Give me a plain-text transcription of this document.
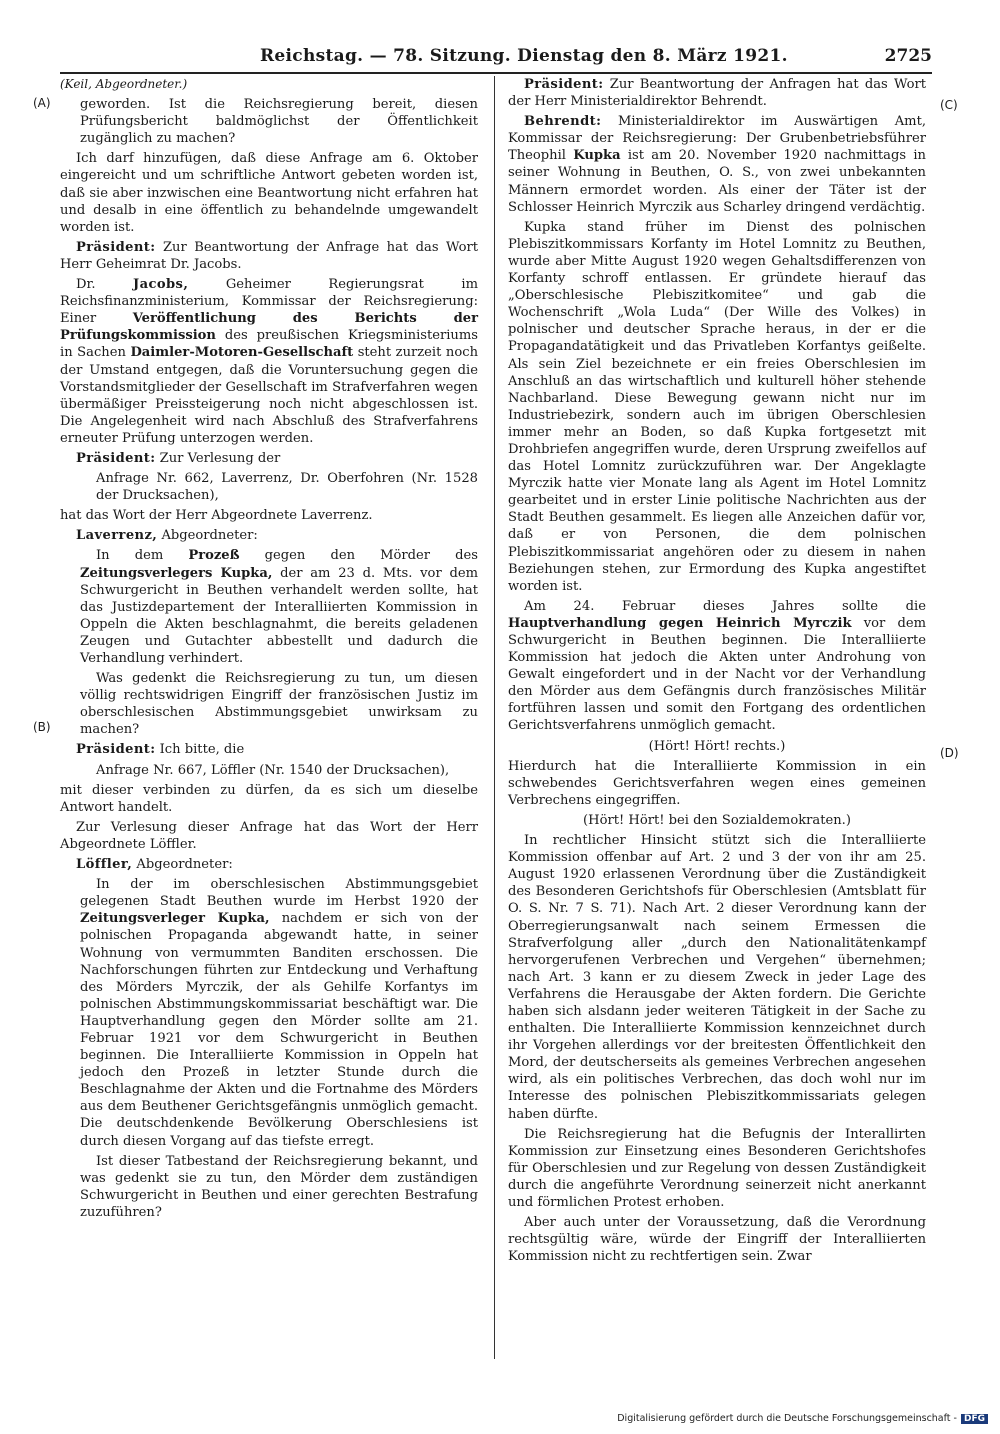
Reichstag. — 78. Sitzung. Dienstag den 8. März 1921.	2725
(A)
(B)
(C)
(D)

(Keil, Abgeordneter.)

geworden. Ist die Reichsregierung bereit, diesen Prüfungsbericht baldmöglichst der Öffentlichkeit zugänglich zu machen?

Ich darf hinzufügen, daß diese Anfrage am 6. Oktober eingereicht und um schriftliche Antwort gebeten worden ist, daß sie aber inzwischen eine Beantwortung nicht erfahren hat und desalb in eine öffentlich zu behandelnde umgewandelt worden ist.

Präsident: Zur Beantwortung der Anfrage hat das Wort Herr Geheimrat Dr. Jacobs.

Dr. Jacobs, Geheimer Regierungsrat im Reichsfinanzministerium, Kommissar der Reichsregierung: Einer Veröffentlichung des Berichts der Prüfungskommission des preußischen Kriegsministeriums in Sachen Daimler-Motoren-Gesellschaft steht zurzeit noch der Umstand entgegen, daß die Voruntersuchung gegen die Vorstandsmitglieder der Gesellschaft im Strafverfahren wegen übermäßiger Preissteigerung noch nicht abgeschlossen ist. Die Angelegenheit wird nach Abschluß des Strafverfahrens erneuter Prüfung unterzogen werden.

Präsident: Zur Verlesung der

Anfrage Nr. 662, Laverrenz, Dr. Oberfohren (Nr. 1528 der Drucksachen),

hat das Wort der Herr Abgeordnete Laverrenz.

Laverrenz, Abgeordneter:

In dem Prozeß gegen den Mörder des Zeitungsverlegers Kupka, der am 23 d. Mts. vor dem Schwurgericht in Beuthen verhandelt werden sollte, hat das Justizdepartement der Interalliierten Kommission in Oppeln die Akten beschlagnahmt, die bereits geladenen Zeugen und Gutachter abbestellt und dadurch die Verhandlung verhindert.

Was gedenkt die Reichsregierung zu tun, um diesen völlig rechtswidrigen Eingriff der französischen Justiz im oberschlesischen Abstimmungsgebiet unwirksam zu machen?

Präsident: Ich bitte, die

Anfrage Nr. 667, Löffler (Nr. 1540 der Drucksachen),

mit dieser verbinden zu dürfen, da es sich um dieselbe Antwort handelt.

Zur Verlesung dieser Anfrage hat das Wort der Herr Abgeordnete Löffler.

Löffler, Abgeordneter:

In der im oberschlesischen Abstimmungsgebiet gelegenen Stadt Beuthen wurde im Herbst 1920 der Zeitungsverleger Kupka, nachdem er sich von der polnischen Propaganda abgewandt hatte, in seiner Wohnung von vermummten Banditen erschossen. Die Nachforschungen führten zur Entdeckung und Verhaftung des Mörders Myrczik, der als Gehilfe Korfantys im polnischen Abstimmungskommissariat beschäftigt war. Die Hauptverhandlung gegen den Mörder sollte am 21. Februar 1921 vor dem Schwurgericht in Beuthen beginnen. Die Interalliierte Kommission in Oppeln hat jedoch den Prozeß in letzter Stunde durch die Beschlagnahme der Akten und die Fortnahme des Mörders aus dem Beuthener Gerichtsgefängnis unmöglich gemacht. Die deutschdenkende Bevölkerung Oberschlesiens ist durch diesen Vorgang auf das tiefste erregt.

Ist dieser Tatbestand der Reichsregierung bekannt, und was gedenkt sie zu tun, den Mörder dem zuständigen Schwurgericht in Beuthen und einer gerechten Bestrafung zuzuführen?

Präsident: Zur Beantwortung der Anfragen hat das Wort der Herr Ministerialdirektor Behrendt.

Behrendt: Ministerialdirektor im Auswärtigen Amt, Kommissar der Reichsregierung: Der Grubenbetriebsführer Theophil Kupka ist am 20. November 1920 nachmittags in seiner Wohnung in Beuthen, O. S., von zwei unbekannten Männern ermordet worden. Als einer der Täter ist der Schlosser Heinrich Myrczik aus Scharley dringend verdächtig.

Kupka stand früher im Dienst des polnischen Plebiszitkommissars Korfanty im Hotel Lomnitz zu Beuthen, wurde aber Mitte August 1920 wegen Gehaltsdifferenzen von Korfanty schroff entlassen. Er gründete hierauf das „Oberschlesische Plebiszitkomitee“ und gab die Wochenschrift „Wola Luda“ (Der Wille des Volkes) in polnischer und deutscher Sprache heraus, in der er die Propagandatätigkeit und das Privatleben Korfantys geißelte. Als sein Ziel bezeichnete er ein freies Oberschlesien im Anschluß an das wirtschaftlich und kulturell höher stehende Nachbarland. Diese Bewegung gewann nicht nur im Industriebezirk, sondern auch im übrigen Oberschlesien immer mehr an Boden, so daß Kupka fortgesetzt mit Drohbriefen angegriffen wurde, deren Ursprung zweifellos auf das Hotel Lomnitz zurückzuführen war. Der Angeklagte Myrczik hatte vier Monate lang als Agent im Hotel Lomnitz gearbeitet und in erster Linie politische Nachrichten aus der Stadt Beuthen gesammelt. Es liegen alle Anzeichen dafür vor, daß er von Personen, die dem polnischen Plebiszitkommissariat angehören oder zu diesem in nahen Beziehungen stehen, zur Ermordung des Kupka angestiftet worden ist.

Am 24. Februar dieses Jahres sollte die Hauptverhandlung gegen Heinrich Myrczik vor dem Schwurgericht in Beuthen beginnen. Die Interalliierte Kommission hat jedoch die Akten unter Androhung von Gewalt eingefordert und in der Nacht vor der Verhandlung den Mörder aus dem Gefängnis durch französisches Militär fortführen lassen und somit den Fortgang des ordentlichen Gerichtsverfahrens unmöglich gemacht.

(Hört! Hört! rechts.)

Hierdurch hat die Interalliierte Kommission in ein schwebendes Gerichtsverfahren wegen eines gemeinen Verbrechens eingegriffen.

(Hört! Hört! bei den Sozialdemokraten.)

In rechtlicher Hinsicht stützt sich die Interalliierte Kommission offenbar auf Art. 2 und 3 der von ihr am 25. August 1920 erlassenen Verordnung über die Zuständigkeit des Besonderen Gerichtshofs für Oberschlesien (Amtsblatt für O. S. Nr. 7 S. 71). Nach Art. 2 dieser Verordnung kann der Oberregierungsanwalt nach seinem Ermessen die Strafverfolgung aller „durch den Nationalitätenkampf hervorgerufenen Verbrechen und Vergehen“ übernehmen; nach Art. 3 kann er zu diesem Zweck in jeder Lage des Verfahrens die Herausgabe der Akten fordern. Die Gerichte haben sich alsdann jeder weiteren Tätigkeit in der Sache zu enthalten. Die Interalliierte Kommission kennzeichnet durch ihr Vorgehen allerdings vor der breitesten Öffentlichkeit den Mord, der deutscherseits als gemeines Verbrechen angesehen wird, als ein politisches Verbrechen, das doch wohl nur im Interesse des polnischen Plebiszitkommissariats gelegen haben dürfte.

Die Reichsregierung hat die Befugnis der Interallirten Kommission zur Einsetzung eines Besonderen Gerichtshofes für Oberschlesien und zur Regelung von dessen Zuständigkeit durch die angeführte Verordnung seinerzeit nicht anerkannt und förmlichen Protest erhoben.

Aber auch unter der Voraussetzung, daß die Verordnung rechtsgültig wäre, würde der Eingriff der Interalliierten Kommission nicht zu rechtfertigen sein. Zwar

Digitalisierung gefördert durch die Deutsche Forschungsgemeinschaft - DFG
